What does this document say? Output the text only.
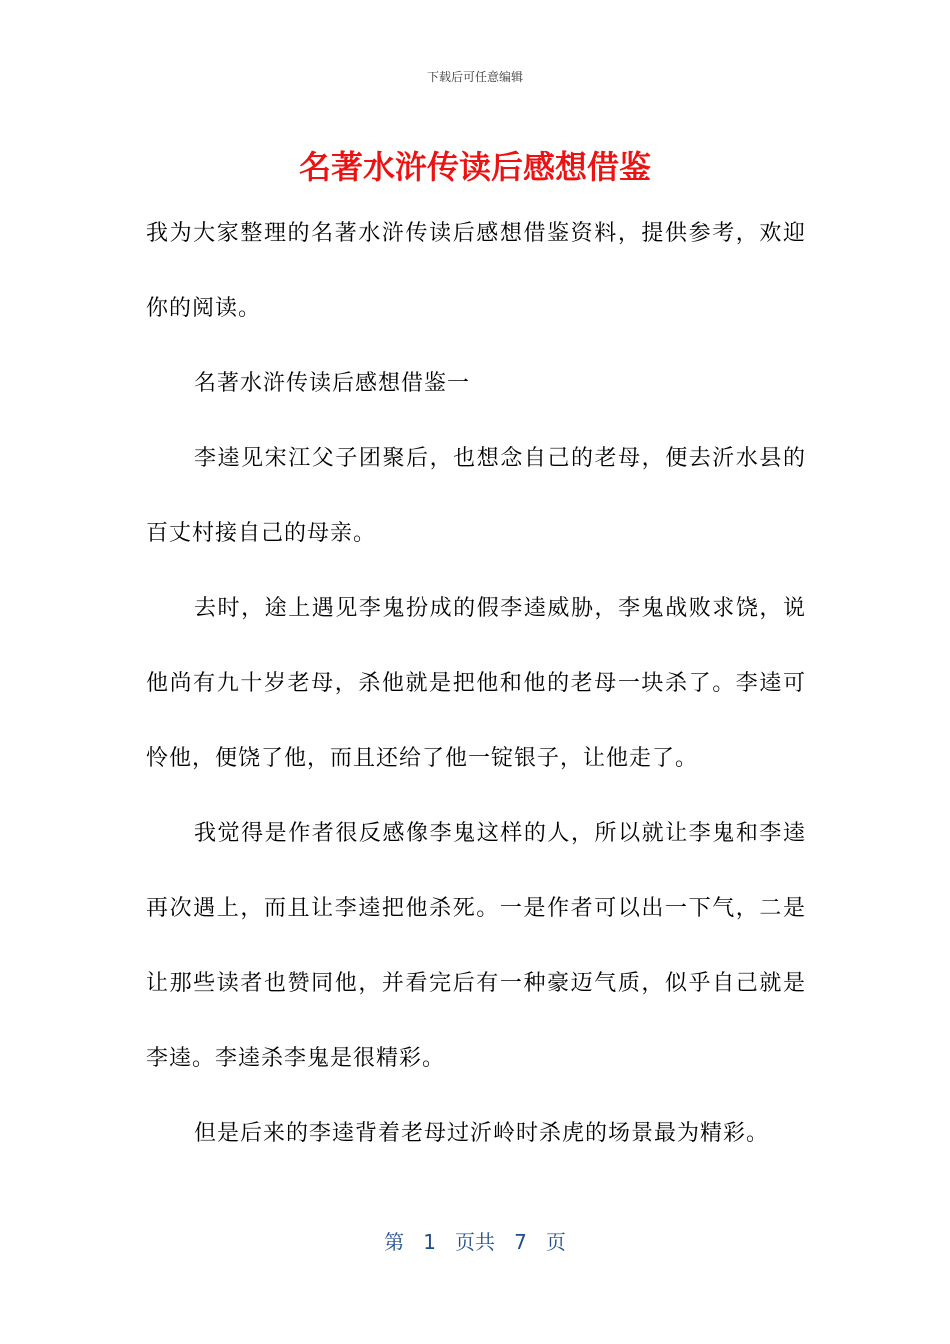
下载后可任意编辑
名著水浒传读后感想借鉴

我为大家整理的名著水浒传读后感想借鉴资料，提供参考，欢迎你的阅读。

名著水浒传读后感想借鉴一

李逵见宋江父子团聚后，也想念自己的老母，便去沂水县的百丈村接自己的母亲。

去时，途上遇见李鬼扮成的假李逵威胁，李鬼战败求饶，说他尚有九十岁老母，杀他就是把他和他的老母一块杀了。李逵可怜他，便饶了他，而且还给了他一锭银子，让他走了。

我觉得是作者很反感像李鬼这样的人，所以就让李鬼和李逵再次遇上，而且让李逵把他杀死。一是作者可以出一下气，二是让那些读者也赞同他，并看完后有一种豪迈气质，似乎自己就是李逵。李逵杀李鬼是很精彩。

但是后来的李逵背着老母过沂岭时杀虎的场景最为精彩。

第 1 页共 7 页
